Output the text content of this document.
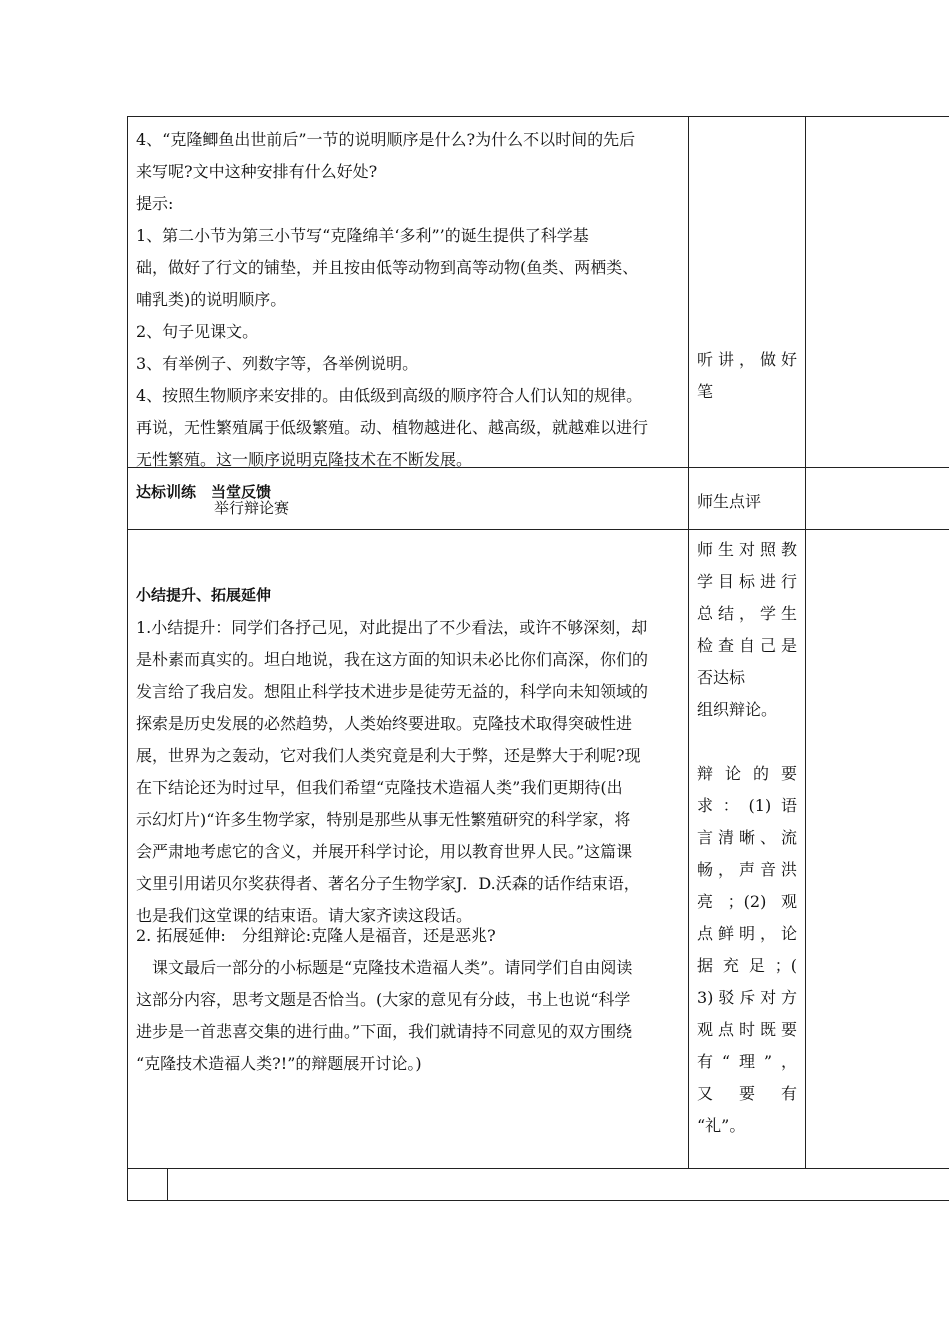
4、“克隆鲫鱼出世前后”一节的说明顺序是什么?为什么不以时间的先后
来写呢?文中这种安排有什么好处?
提示:
1、第二小节为第三小节写“克隆绵羊‘多利”’的诞生提供了科学基
础，做好了行文的铺垫，并且按由低等动物到高等动物(鱼类、两栖类、
哺乳类)的说明顺序。
2、句子见课文。
3、有举例子、列数字等，各举例说明。
4、按照生物顺序来安排的。由低级到高级的顺序符合人们认知的规律。
再说，无性繁殖属于低级繁殖。动、植物越进化、越高级，就越难以进行
无性繁殖。这一顺序说明克隆技术在不断发展。
听讲，做好
笔
达标训练　当堂反馈
举行辩论赛	师生点评
小结提升、拓展延伸
1.小结提升：同学们各抒己见，对此提出了不少看法，或许不够深刻，却
是朴素而真实的。坦白地说，我在这方面的知识未必比你们高深，你们的
发言给了我启发。想阻止科学技术进步是徒劳无益的，科学向未知领域的
探索是历史发展的必然趋势，人类始终要进取。克隆技术取得突破性进
展，世界为之轰动，它对我们人类究竟是利大于弊，还是弊大于利呢?现
在下结论还为时过早，但我们希望“克隆技术造福人类”我们更期待(出
示幻灯片)“许多生物学家，特别是那些从事无性繁殖研究的科学家，将
会严肃地考虑它的含义，并展开科学讨论，用以教育世界人民。”这篇课
文里引用诺贝尔奖获得者、著名分子生物学家J．D.沃森的话作结束语，
也是我们这堂课的结束语。请大家齐读这段话。
2. 拓展延伸:　分组辩论:克隆人是福音，还是恶兆?
　课文最后一部分的小标题是“克隆技术造福人类”。请同学们自由阅读
这部分内容，思考文题是否恰当。(大家的意见有分歧，书上也说“科学
进步是一首悲喜交集的进行曲。”下面，我们就请持不同意见的双方围绕
“克隆技术造福人类?!”的辩题展开讨论。)
师生对照教
学目标进行
总结，学生
检查自己是
否达标
组织辩论。
辩论的要
求：(1)语
言清晰、流
畅，声音洪
亮；(2)观
点鲜明，论
据充足；(
3)驳斥对方
观点时既要
有“理”，
又要有
“礼”。
